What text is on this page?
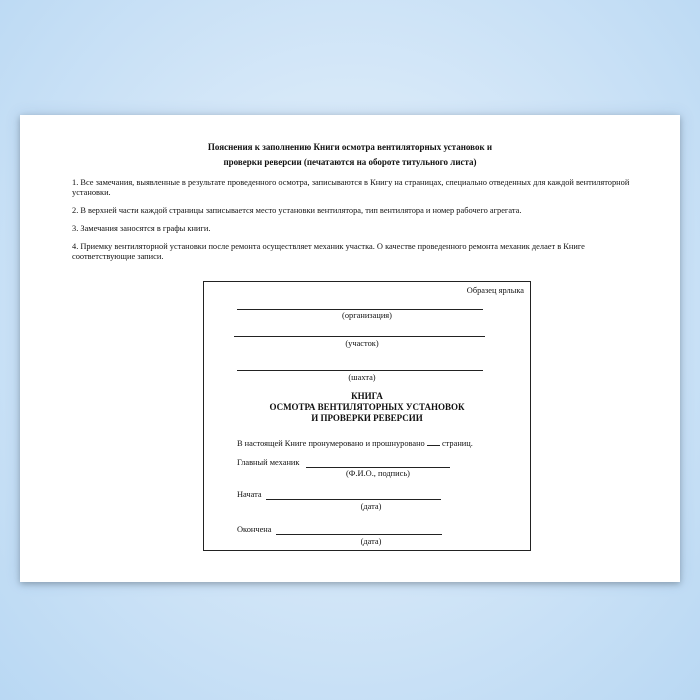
Пояснения к заполнению Книги осмотра вентиляторных установок и
проверки реверсии (печатаются на обороте титульного листа)
1. Все замечания, выявленные в результате проведенного осмотра, записываются в Книгу на страницах, специально отведенных для каждой вентиляторной установки.
2. В верхней части каждой страницы записывается место установки вентилятора, тип вентилятора и номер рабочего агрегата.
3. Замечания заносятся в графы книги.
4. Приемку вентиляторной установки после ремонта осуществляет механик участка. О качестве проведенного ремонта механик делает в Книге соответствующие записи.
Образец ярлыка
(организация)
(участок)
(шахта)
КНИГА
ОСМОТРА ВЕНТИЛЯТОРНЫХ УСТАНОВОК
И ПРОВЕРКИ РЕВЕРСИИ
В настоящей Книге пронумеровано и прошнуровано страниц.
Главный механик
(Ф.И.О., подпись)
Начата
(дата)
Окончена
(дата)
